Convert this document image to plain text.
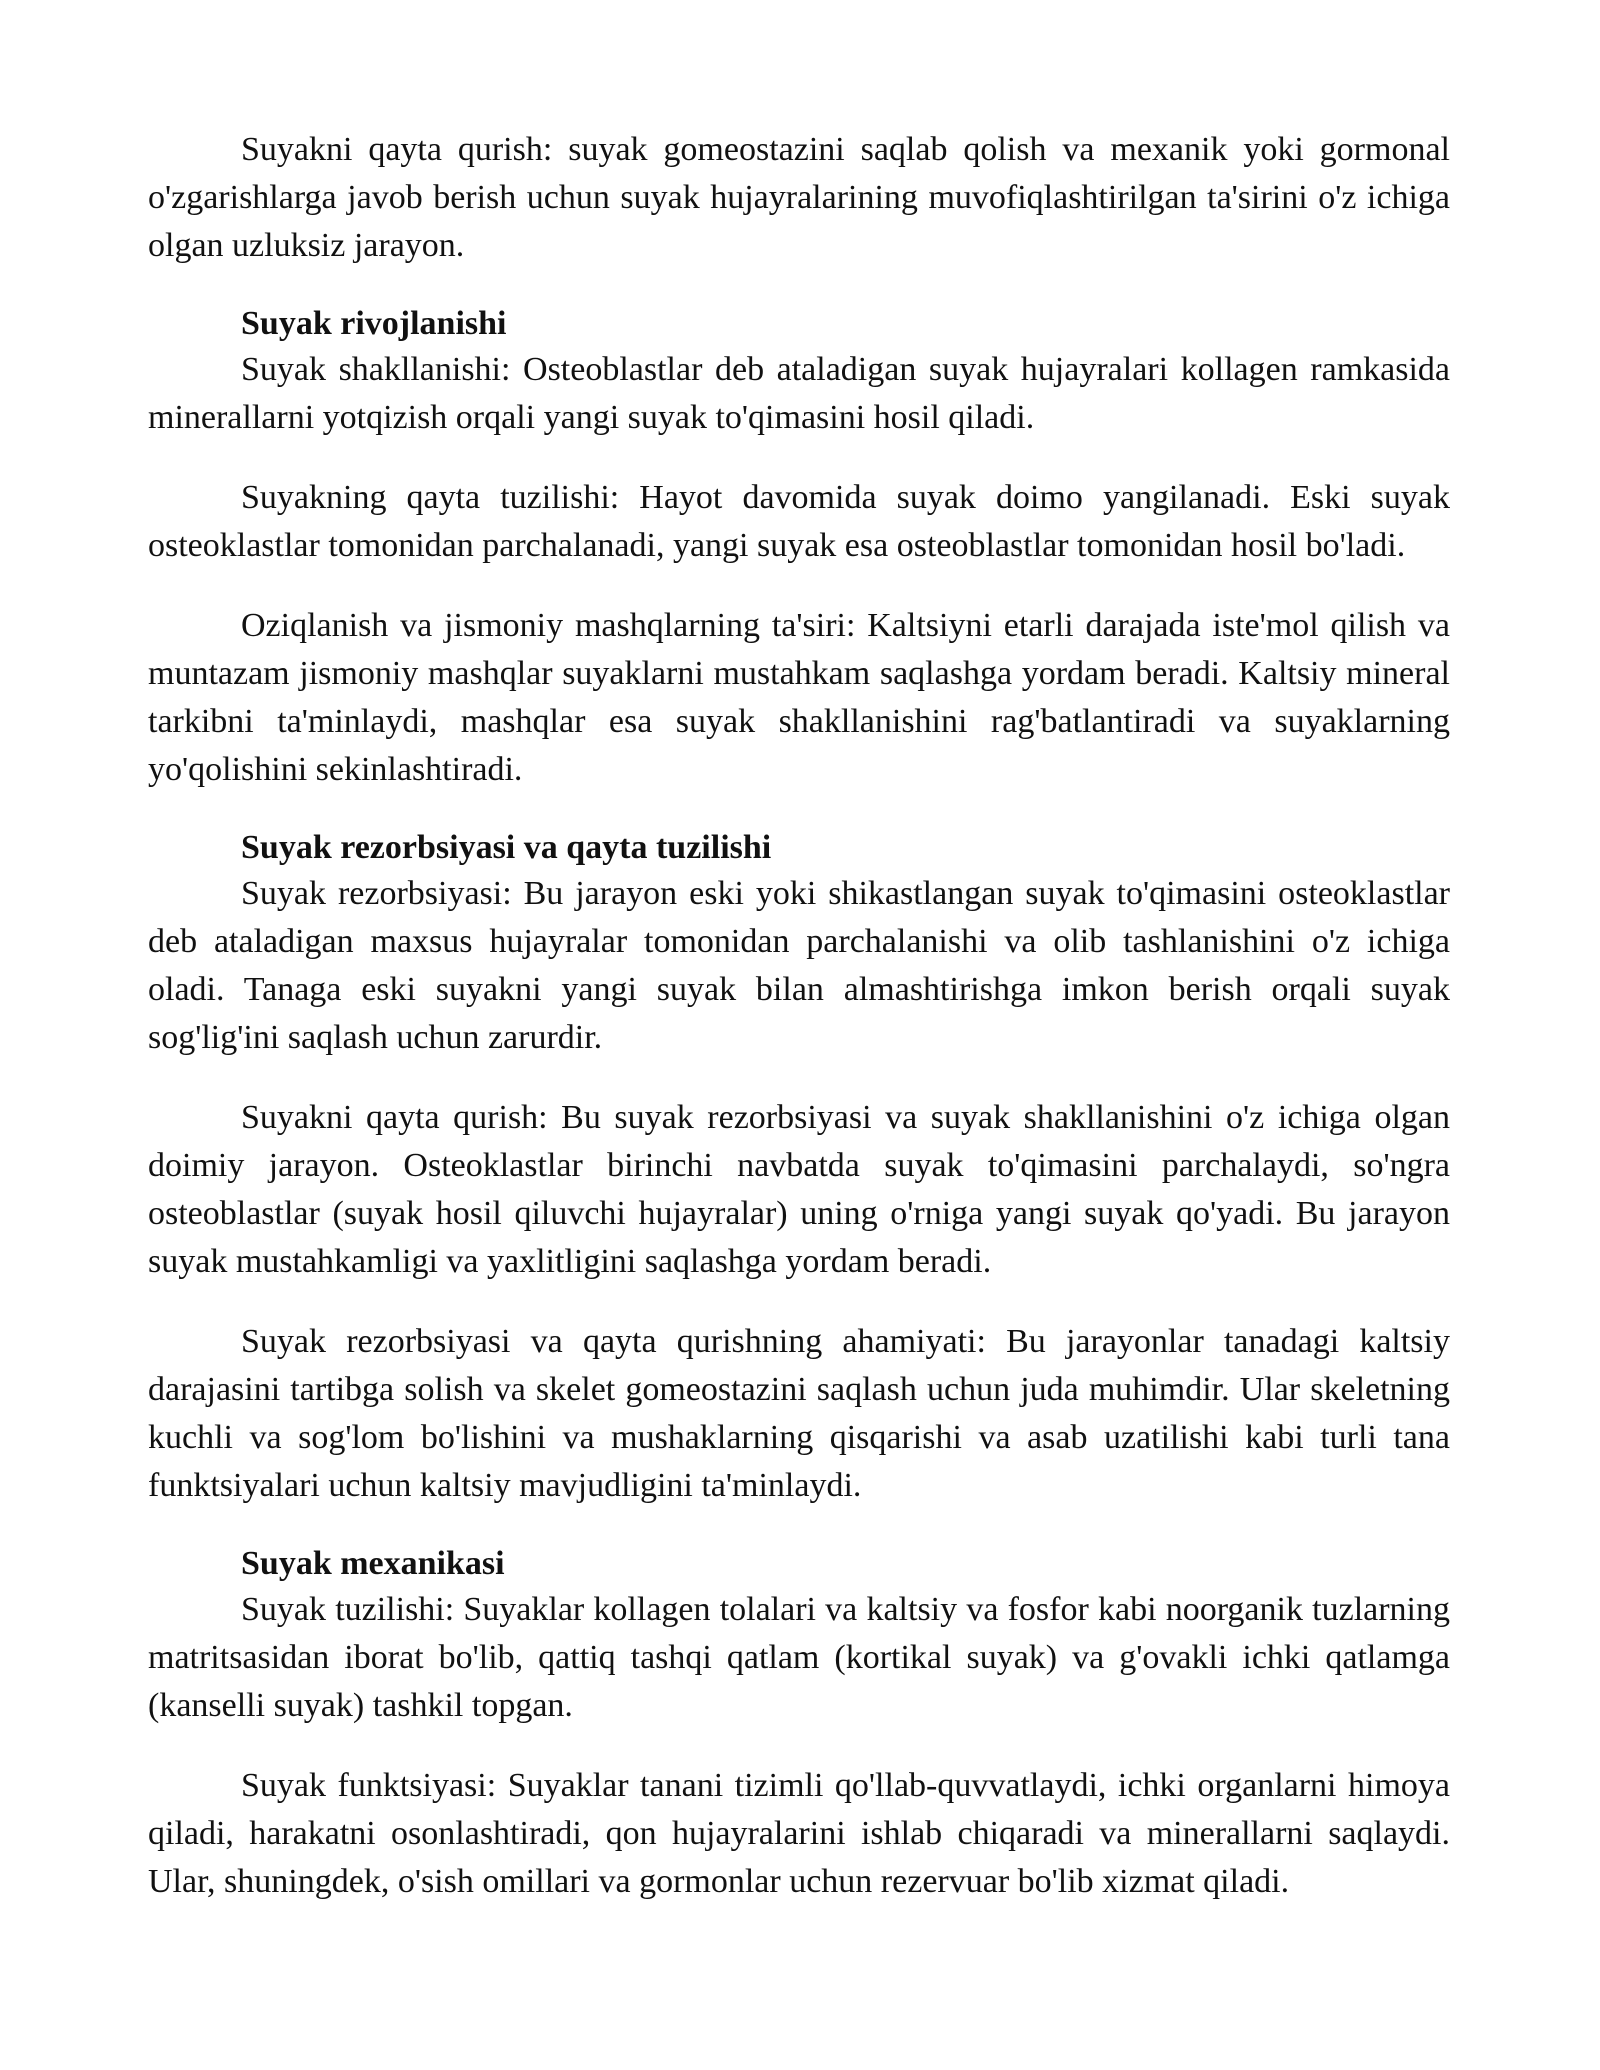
Suyakni qayta qurish: suyak gomeostazini saqlab qolish va mexanik yoki gormonal o'zgarishlarga javob berish uchun suyak hujayralarining muvofiqlashtirilgan ta'sirini o'z ichiga olgan uzluksiz jarayon.

Suyak rivojlanishi

Suyak shakllanishi: Osteoblastlar deb ataladigan suyak hujayralari kollagen ramkasida minerallarni yotqizish orqali yangi suyak to'qimasini hosil qiladi.

Suyakning qayta tuzilishi: Hayot davomida suyak doimo yangilanadi. Eski suyak osteoklastlar tomonidan parchalanadi, yangi suyak esa osteoblastlar tomonidan hosil bo'ladi.

Oziqlanish va jismoniy mashqlarning ta'siri: Kaltsiyni etarli darajada iste'mol qilish va muntazam jismoniy mashqlar suyaklarni mustahkam saqlashga yordam beradi. Kaltsiy mineral tarkibni ta'minlaydi, mashqlar esa suyak shakllanishini rag'batlantiradi va suyaklarning yo'qolishini sekinlashtiradi.

Suyak rezorbsiyasi va qayta tuzilishi

Suyak rezorbsiyasi: Bu jarayon eski yoki shikastlangan suyak to'qimasini osteoklastlar deb ataladigan maxsus hujayralar tomonidan parchalanishi va olib tashlanishini o'z ichiga oladi. Tanaga eski suyakni yangi suyak bilan almashtirishga imkon berish orqali suyak sog'lig'ini saqlash uchun zarurdir.

Suyakni qayta qurish: Bu suyak rezorbsiyasi va suyak shakllanishini o'z ichiga olgan doimiy jarayon. Osteoklastlar birinchi navbatda suyak to'qimasini parchalaydi, so'ngra osteoblastlar (suyak hosil qiluvchi hujayralar) uning o'rniga yangi suyak qo'yadi. Bu jarayon suyak mustahkamligi va yaxlitligini saqlashga yordam beradi.

Suyak rezorbsiyasi va qayta qurishning ahamiyati: Bu jarayonlar tanadagi kaltsiy darajasini tartibga solish va skelet gomeostazini saqlash uchun juda muhimdir. Ular skeletning kuchli va sog'lom bo'lishini va mushaklarning qisqarishi va asab uzatilishi kabi turli tana funktsiyalari uchun kaltsiy mavjudligini ta'minlaydi.

Suyak mexanikasi

Suyak tuzilishi: Suyaklar kollagen tolalari va kaltsiy va fosfor kabi noorganik tuzlarning matritsasidan iborat bo'lib, qattiq tashqi qatlam (kortikal suyak) va g'ovakli ichki qatlamga (kanselli suyak) tashkil topgan.

Suyak funktsiyasi: Suyaklar tanani tizimli qo'llab-quvvatlaydi, ichki organlarni himoya qiladi, harakatni osonlashtiradi, qon hujayralarini ishlab chiqaradi va minerallarni saqlaydi. Ular, shuningdek, o'sish omillari va gormonlar uchun rezervuar bo'lib xizmat qiladi.
